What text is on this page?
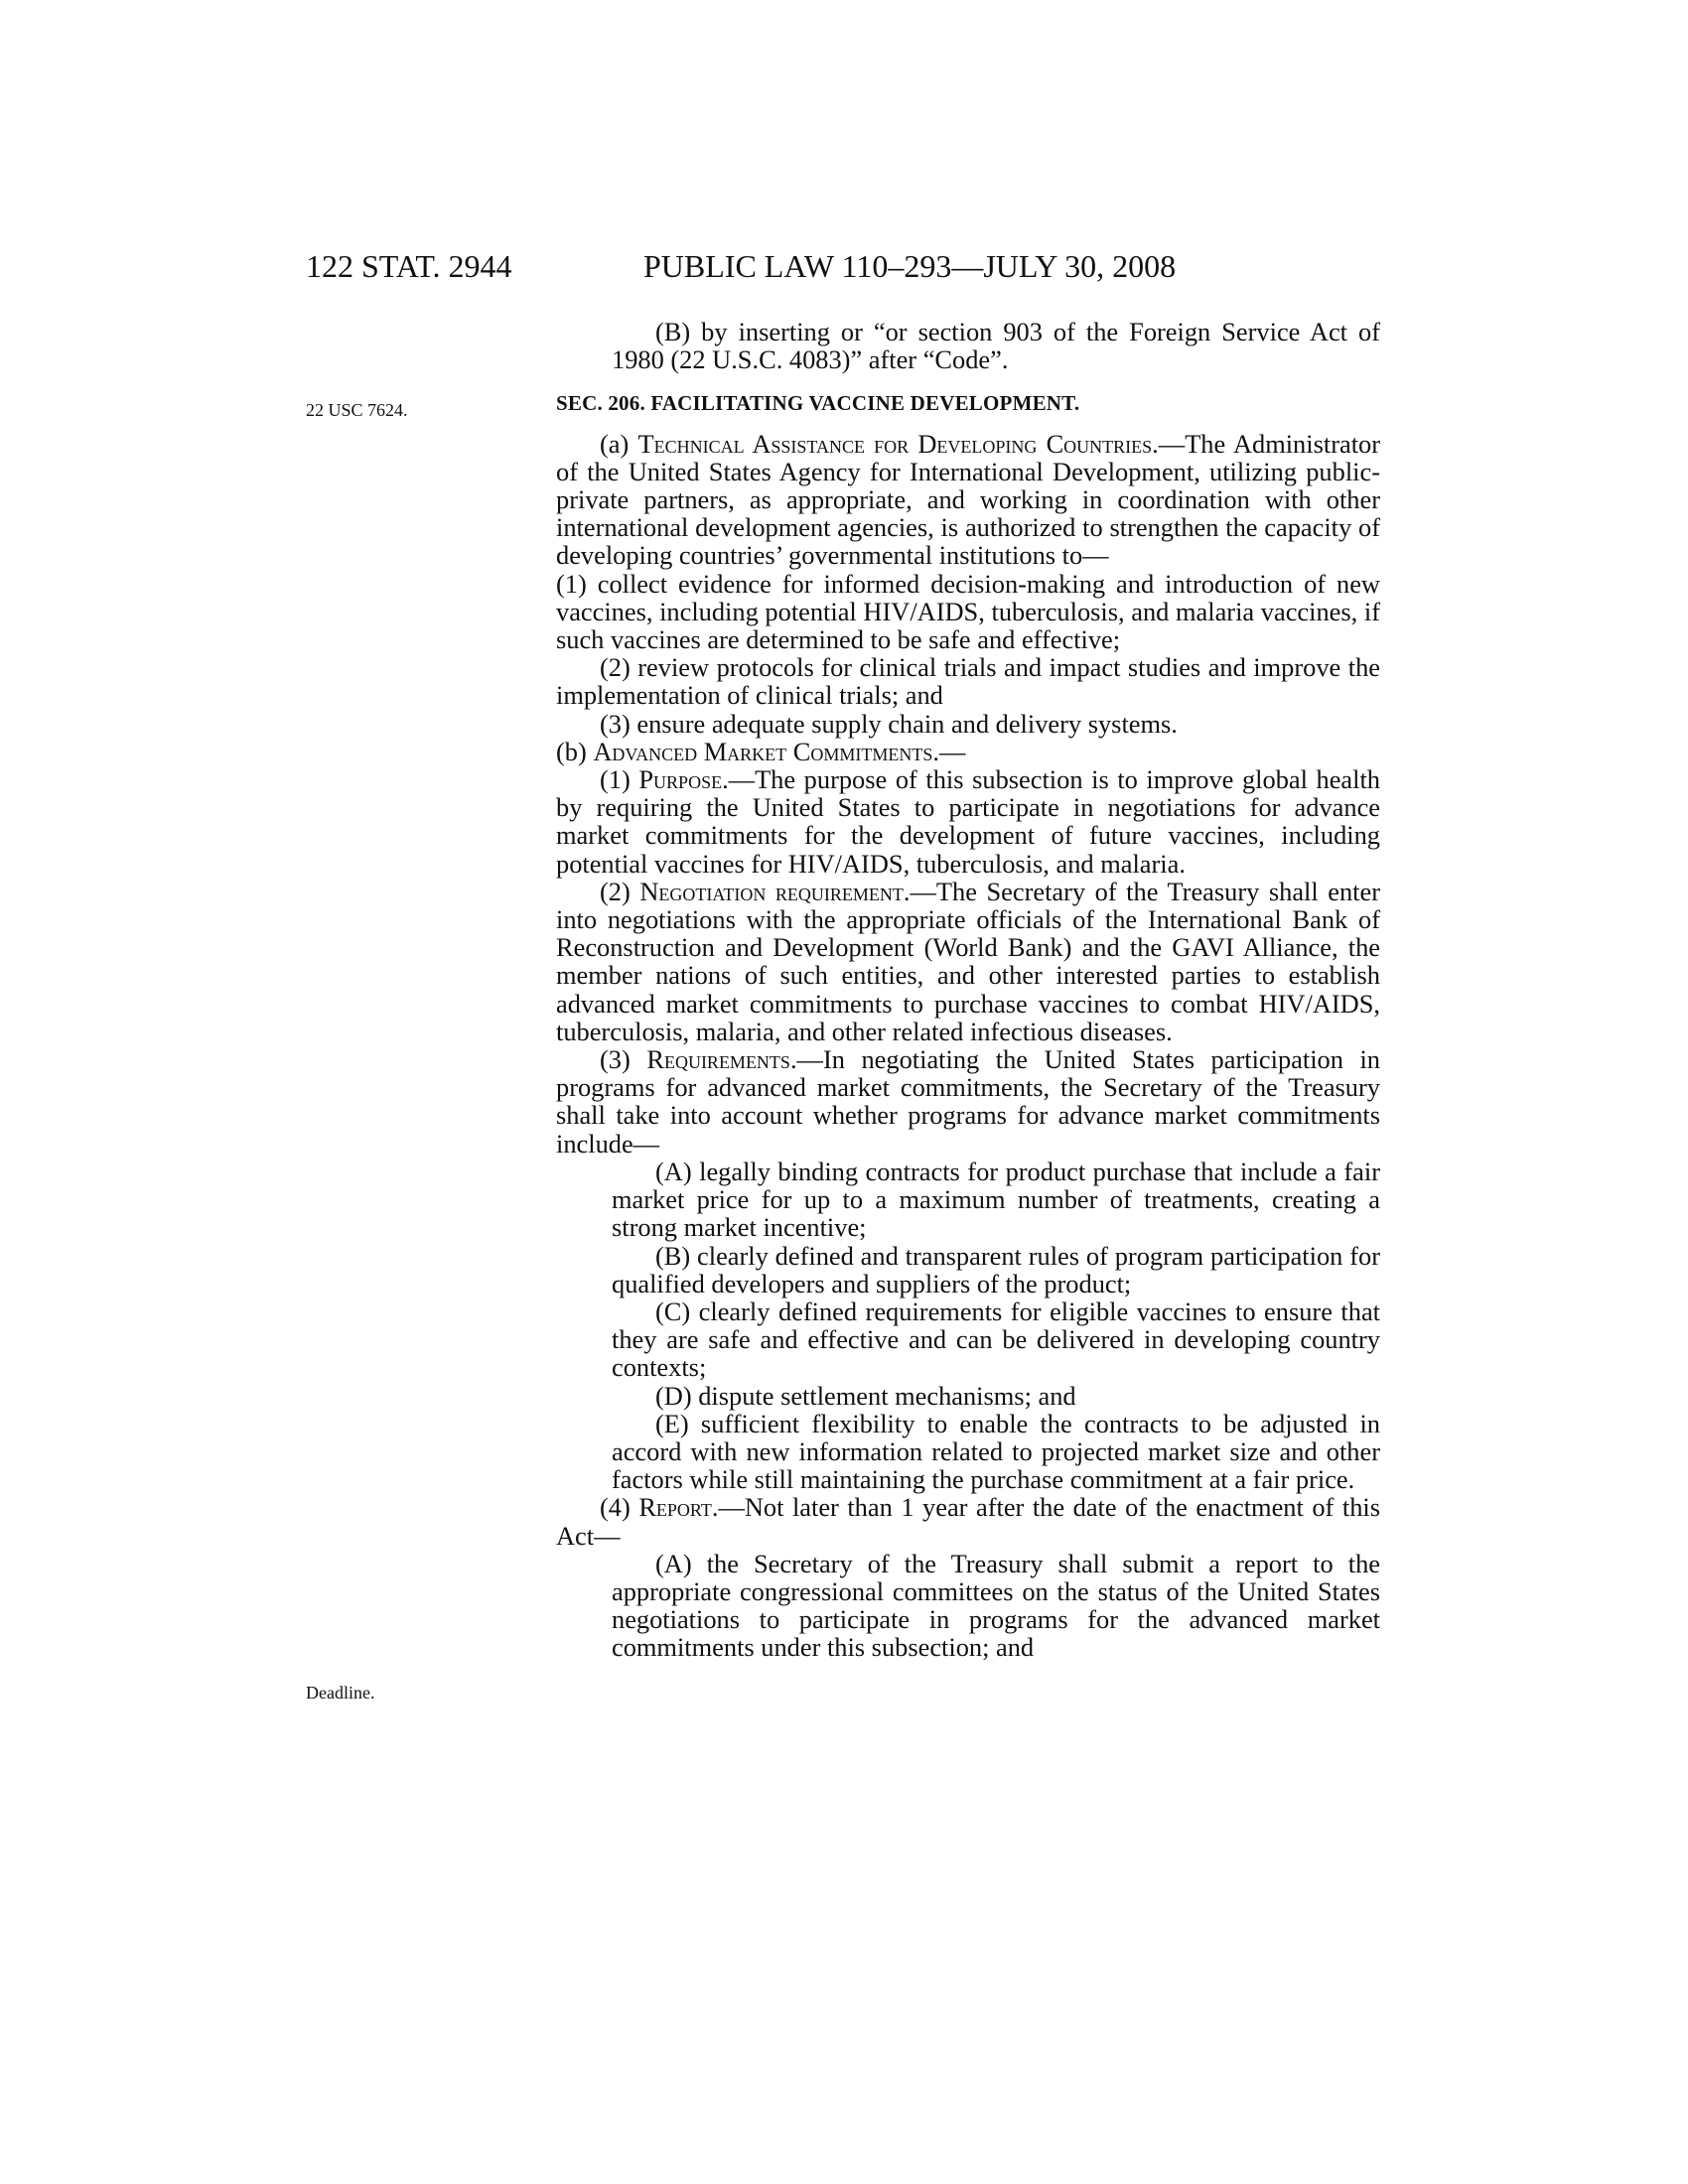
122 STAT. 2944	PUBLIC LAW 110–293—JULY 30, 2008
22 USC 7624.
Deadline.

(B) by inserting or “or section 903 of the Foreign Service Act of 1980 (22 U.S.C. 4083)” after “Code”.

SEC. 206. FACILITATING VACCINE DEVELOPMENT.

(a) Technical Assistance for Developing Countries.—The Administrator of the United States Agency for International Development, utilizing public-private partners, as appropriate, and working in coordination with other international development agencies, is authorized to strengthen the capacity of developing countries’ governmental institutions to—

(1) collect evidence for informed decision-making and introduction of new vaccines, including potential HIV/AIDS, tuberculosis, and malaria vaccines, if such vaccines are determined to be safe and effective;

(2) review protocols for clinical trials and impact studies and improve the implementation of clinical trials; and

(3) ensure adequate supply chain and delivery systems.

(b) Advanced Market Commitments.—

(1) Purpose.—The purpose of this subsection is to improve global health by requiring the United States to participate in negotiations for advance market commitments for the development of future vaccines, including potential vaccines for HIV/AIDS, tuberculosis, and malaria.

(2) Negotiation requirement.—The Secretary of the Treasury shall enter into negotiations with the appropriate officials of the International Bank of Reconstruction and Development (World Bank) and the GAVI Alliance, the member nations of such entities, and other interested parties to establish advanced market commitments to purchase vaccines to combat HIV/AIDS, tuberculosis, malaria, and other related infectious diseases.

(3) Requirements.—In negotiating the United States participation in programs for advanced market commitments, the Secretary of the Treasury shall take into account whether programs for advance market commitments include—

(A) legally binding contracts for product purchase that include a fair market price for up to a maximum number of treatments, creating a strong market incentive;

(B) clearly defined and transparent rules of program participation for qualified developers and suppliers of the product;

(C) clearly defined requirements for eligible vaccines to ensure that they are safe and effective and can be delivered in developing country contexts;

(D) dispute settlement mechanisms; and

(E) sufficient flexibility to enable the contracts to be adjusted in accord with new information related to projected market size and other factors while still maintaining the purchase commitment at a fair price.

(4) Report.—Not later than 1 year after the date of the enactment of this Act—

(A) the Secretary of the Treasury shall submit a report to the appropriate congressional committees on the status of the United States negotiations to participate in programs for the advanced market commitments under this subsection; and
